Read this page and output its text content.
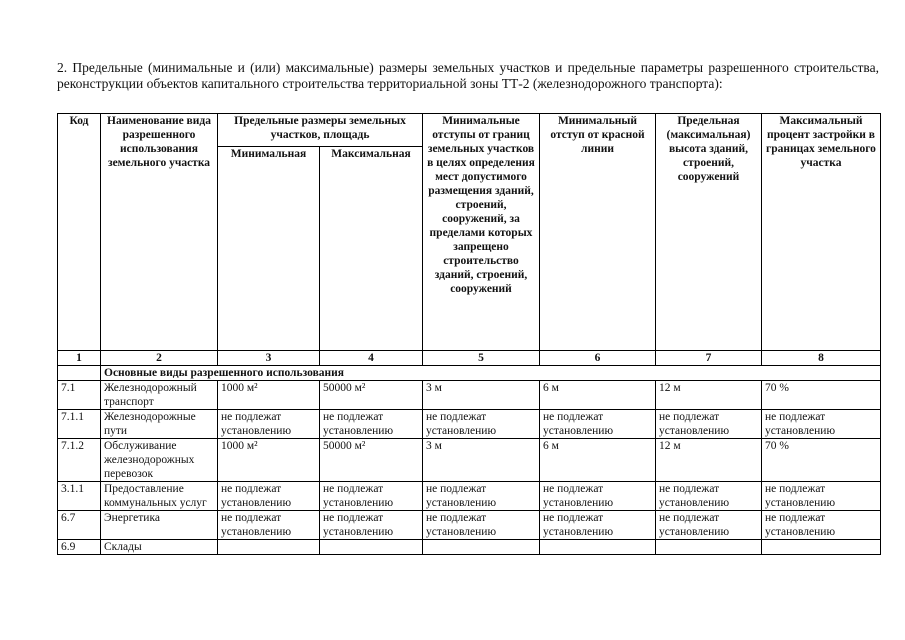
2. Предельные (минимальные и (или) максимальные) размеры земельных участков и предельные параметры разрешенного строительства, реконструкции объектов капитального строительства территориальной зоны ТТ-2 (железнодорожного транспорта):

Код	Наименование вида разрешенного использования земельного участка	Предельные размеры земельных участков, площадь		Минимальные отступы от границ земельных участков в целях определения мест допустимого размещения зданий, строений, сооружений, за пределами которых запрещено строительство зданий, строений, сооружений	Минимальный отступ от красной линии	Предельная (максимальная) высота зданий, строений, сооружений	Максимальный процент застройки в границах земельного участка
		Минимальная	Максимальная				
1	2	3	4	5	6	7	8
	Основные виды разрешенного использования						
7.1	Железнодорожный транспорт	1000 м²	50000 м²	3 м	6 м	12 м	70 %
7.1.1	Железнодорожные пути	не подлежат установлению	не подлежат установлению	не подлежат установлению	не подлежат установлению	не подлежат установлению	не подлежат установлению
7.1.2	Обслуживание железнодорожных перевозок	1000 м²	50000 м²	3 м	6 м	12 м	70 %
3.1.1	Предоставление коммунальных услуг	не подлежат установлению	не подлежат установлению	не подлежат установлению	не подлежат установлению	не подлежат установлению	не подлежат установлению
6.7	Энергетика	не подлежат установлению	не подлежат установлению	не подлежат установлению	не подлежат установлению	не подлежат установлению	не подлежат установлению
6.9	Склады						
